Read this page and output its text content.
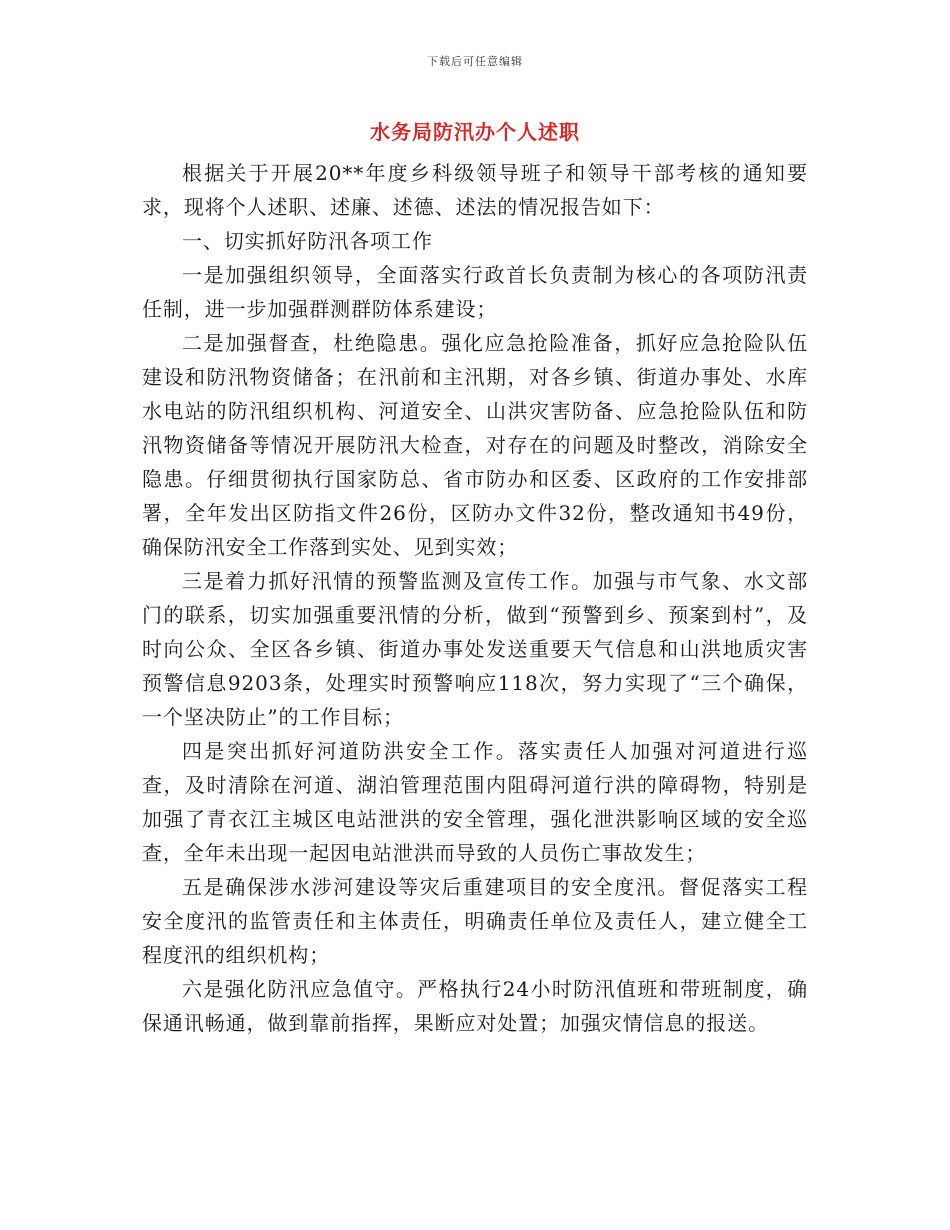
下载后可任意编辑
水务局防汛办个人述职

根据关于开展20**年度乡科级领导班子和领导干部考核的通知要求，现将个人述职、述廉、述德、述法的情况报告如下：

一、切实抓好防汛各项工作

一是加强组织领导，全面落实行政首长负责制为核心的各项防汛责任制，进一步加强群测群防体系建设；

二是加强督查，杜绝隐患。强化应急抢险准备，抓好应急抢险队伍建设和防汛物资储备；在汛前和主汛期，对各乡镇、街道办事处、水库水电站的防汛组织机构、河道安全、山洪灾害防备、应急抢险队伍和防汛物资储备等情况开展防汛大检查，对存在的问题及时整改，消除安全隐患。仔细贯彻执行国家防总、省市防办和区委、区政府的工作安排部署，全年发出区防指文件26份，区防办文件32份，整改通知书49份，确保防汛安全工作落到实处、见到实效；

三是着力抓好汛情的预警监测及宣传工作。加强与市气象、水文部门的联系，切实加强重要汛情的分析，做到“预警到乡、预案到村”，及时向公众、全区各乡镇、街道办事处发送重要天气信息和山洪地质灾害预警信息9203条，处理实时预警响应118次，努力实现了“三个确保，一个坚决防止”的工作目标；

四是突出抓好河道防洪安全工作。落实责任人加强对河道进行巡查，及时清除在河道、湖泊管理范围内阻碍河道行洪的障碍物，特别是加强了青衣江主城区电站泄洪的安全管理，强化泄洪影响区域的安全巡查，全年未出现一起因电站泄洪而导致的人员伤亡事故发生；

五是确保涉水涉河建设等灾后重建项目的安全度汛。督促落实工程安全度汛的监管责任和主体责任，明确责任单位及责任人，建立健全工程度汛的组织机构；

六是强化防汛应急值守。严格执行24小时防汛值班和带班制度，确保通讯畅通，做到靠前指挥，果断应对处置；加强灾情信息的报送。
